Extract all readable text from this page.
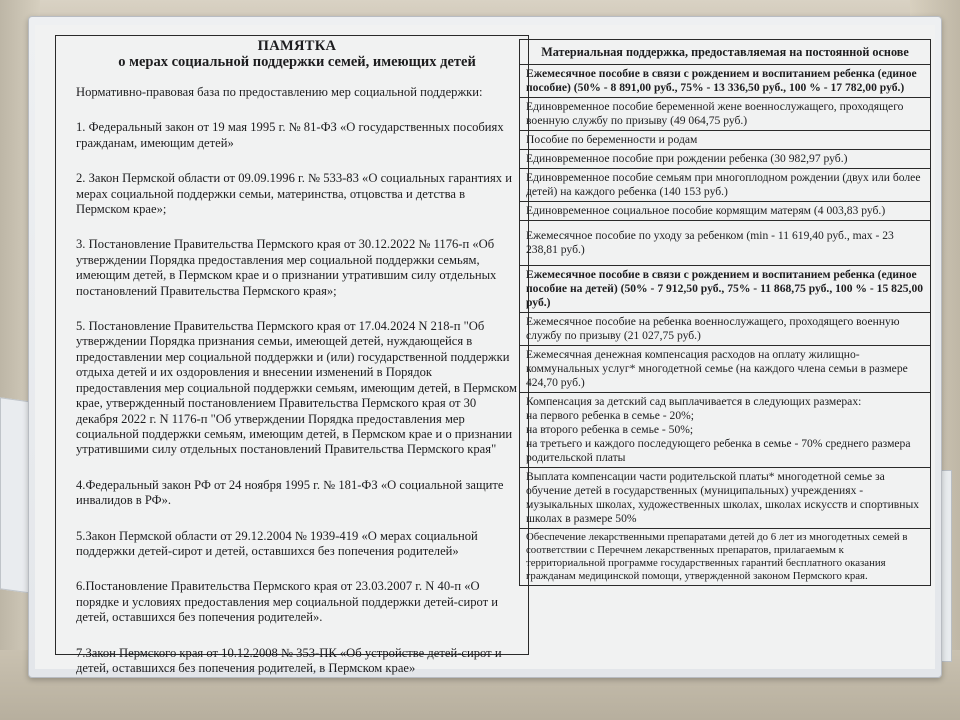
ПАМЯТКА
о мерах социальной поддержки семей, имеющих детей
Нормативно-правовая база по предоставлению мер социальной поддержки:
1. Федеральный закон от 19 мая 1995 г. № 81-ФЗ «О государственных пособиях гражданам, имеющим детей»
2. Закон Пермской области от 09.09.1996 г. № 533-83 «О социальных гарантиях и мерах социальной поддержки семьи, материнства, отцовства и детства в Пермском крае»;
3. Постановление Правительства Пермского края от 30.12.2022 № 1176-п «Об утверждении Порядка предоставления мер социальной поддержки семьям, имеющим детей, в Пермском крае и о признании утратившим силу отдельных постановлений Правительства Пермского края»;
5. Постановление Правительства Пермского края от 17.04.2024 N 218-п "Об утверждении Порядка признания семьи, имеющей детей, нуждающейся в предоставлении мер социальной поддержки и (или) государственной поддержки отдыха детей и их оздоровления и внесении изменений в Порядок предоставления мер социальной поддержки семьям, имеющим детей, в Пермском крае, утвержденный постановлением Правительства Пермского края от 30 декабря 2022 г. N 1176-п "Об утверждении Порядка предоставления мер социальной поддержки семьям, имеющим детей, в Пермском крае и о признании утратившими силу отдельных постановлений Правительства Пермского края"
4.Федеральный закон РФ от 24 ноября 1995 г. № 181-ФЗ «О социальной защите инвалидов в РФ».
5.Закон Пермской области от 29.12.2004 № 1939-419 «О мерах социальной поддержки детей-сирот и детей, оставшихся без попечения родителей»
6.Постановление Правительства Пермского края от 23.03.2007 г. N 40-п «О порядке и условиях предоставления мер социальной поддержки детей-сирот и детей, оставшихся без попечения родителей».
7.Закон Пермского края от 10.12.2008 № 353-ПК «Об устройстве детей-сирот и детей, оставшихся без попечения родителей, в Пермском крае»
Материальная поддержка, предоставляемая на постоянной основе
Ежемесячное пособие в связи с рождением и воспитанием ребенка (единое пособие) (50% - 8 891,00 руб., 75% - 13 336,50 руб., 100 % - 17 782,00 руб.)
Единовременное пособие беременной жене военнослужащего, проходящего военную службу по призыву (49 064,75 руб.)
Пособие по беременности и родам
Единовременное пособие при рождении ребенка (30 982,97 руб.)
Единовременное пособие семьям при многоплодном рождении (двух или более детей) на каждого ребенка (140 153 руб.)
Единовременное социальное пособие кормящим матерям (4 003,83 руб.)
Ежемесячное пособие по уходу за ребенком (min - 11 619,40 руб., max - 23 238,81 руб.)
Ежемесячное пособие в связи с рождением и воспитанием ребенка (единое пособие на детей) (50% - 7 912,50 руб., 75% - 11 868,75 руб., 100 % - 15 825,00 руб.)
Ежемесячное пособие на ребенка военнослужащего, проходящего военную службу по призыву (21 027,75 руб.)
Ежемесячная денежная компенсация расходов на оплату жилищно-коммунальных услуг* многодетной семье (на каждого члена семьи в размере 424,70 руб.)

Компенсация за детский сад выплачивается в следующих размерах:
на первого ребенка в семье - 20%;
на второго ребенка в семье - 50%;
на третьего и каждого последующего ребенка в семье - 70% среднего размера родительской платы

Выплата компенсации части родительской платы* многодетной семье за обучение детей в государственных (муниципальных) учреждениях - музыкальных школах, художественных школах, школах искусств и спортивных школах в размере 50%
Обеспечение лекарственными препаратами детей до 6 лет из многодетных семей в соответствии с Перечнем лекарственных препаратов, прилагаемым к территориальной программе государственных гарантий бесплатного оказания гражданам медицинской помощи, утвержденной законом Пермского края.
